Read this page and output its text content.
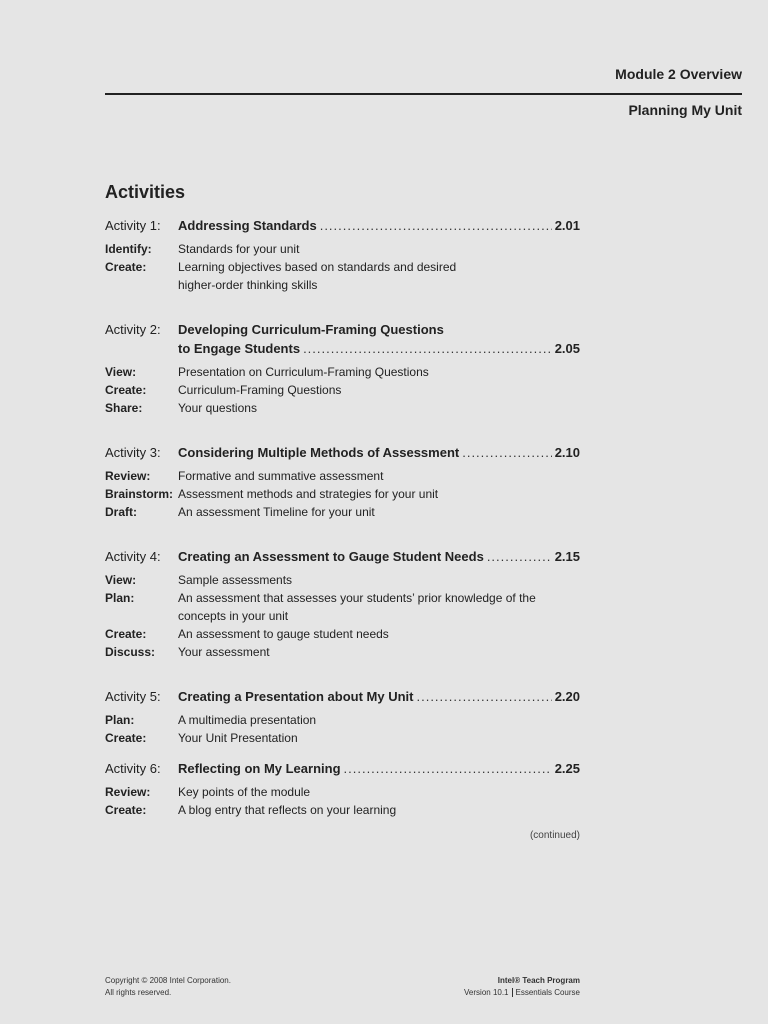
Module 2 Overview
Planning My Unit
Activities
Activity 1: Addressing Standards .....	2.01
Identify: Standards for your unit
Create:	Learning objectives based on standards and desired
higher-order thinking skills
Activity 2: Developing Curriculum-Framing Questions
to Engage Students .....	2.05
View:	Presentation on Curriculum-Framing Questions
Create:	Curriculum-Framing Questions
Share:	Your questions
Activity 3: Considering Multiple Methods of Assessment .....	2.10
Review: Formative and summative assessment
Brainstorm: Assessment methods and strategies for your unit
Draft:	An assessment Timeline for your unit
Activity 4: Creating an Assessment to Gauge Student Needs .....	2.15
View:	Sample assessments
Plan:	An assessment that assesses your students’ prior knowledge of the
concepts in your unit
Create:	An assessment to gauge student needs
Discuss: Your assessment
Activity 5: Creating a Presentation about My Unit .....	2.20
Plan:	A multimedia presentation
Create:	Your Unit Presentation
Activity 6: Reflecting on My Learning .....	2.25
Review: Key points of the module
Create:	A blog entry that reflects on your learning
(continued)
Copyright © 2008 Intel Corporation.
All rights reserved.
Intel® Teach Program
Version 10.1 Essentials Course
